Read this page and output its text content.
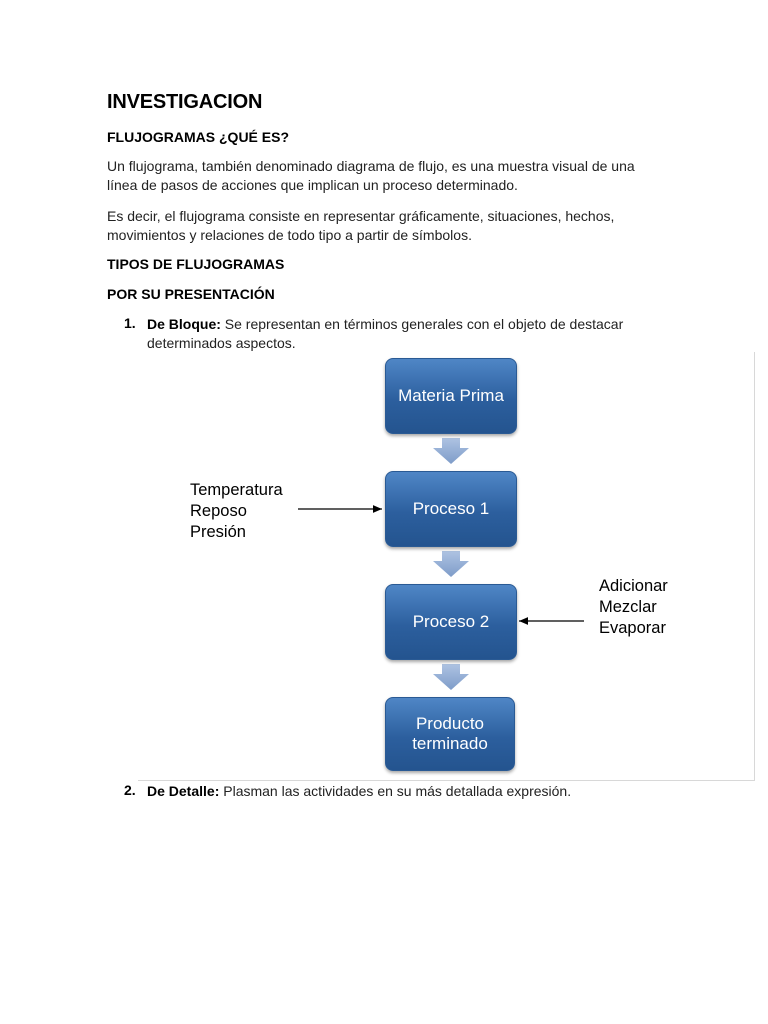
INVESTIGACION
FLUJOGRAMAS ¿QUÉ ES?
Un flujograma, también denominado diagrama de flujo, es una muestra visual de una línea de pasos de acciones que implican un proceso determinado.
Es decir, el flujograma consiste en representar gráficamente, situaciones, hechos, movimientos y relaciones de todo tipo a partir de símbolos.
TIPOS DE FLUJOGRAMAS
POR SU PRESENTACIÓN
1. De Bloque: Se representan en términos generales con el objeto de destacar determinados aspectos.
Materia Prima
Proceso 1
Proceso 2
Producto terminado
Temperatura
Reposo
Presión
Adicionar
Mezclar
Evaporar
2. De Detalle: Plasman las actividades en su más detallada expresión.
